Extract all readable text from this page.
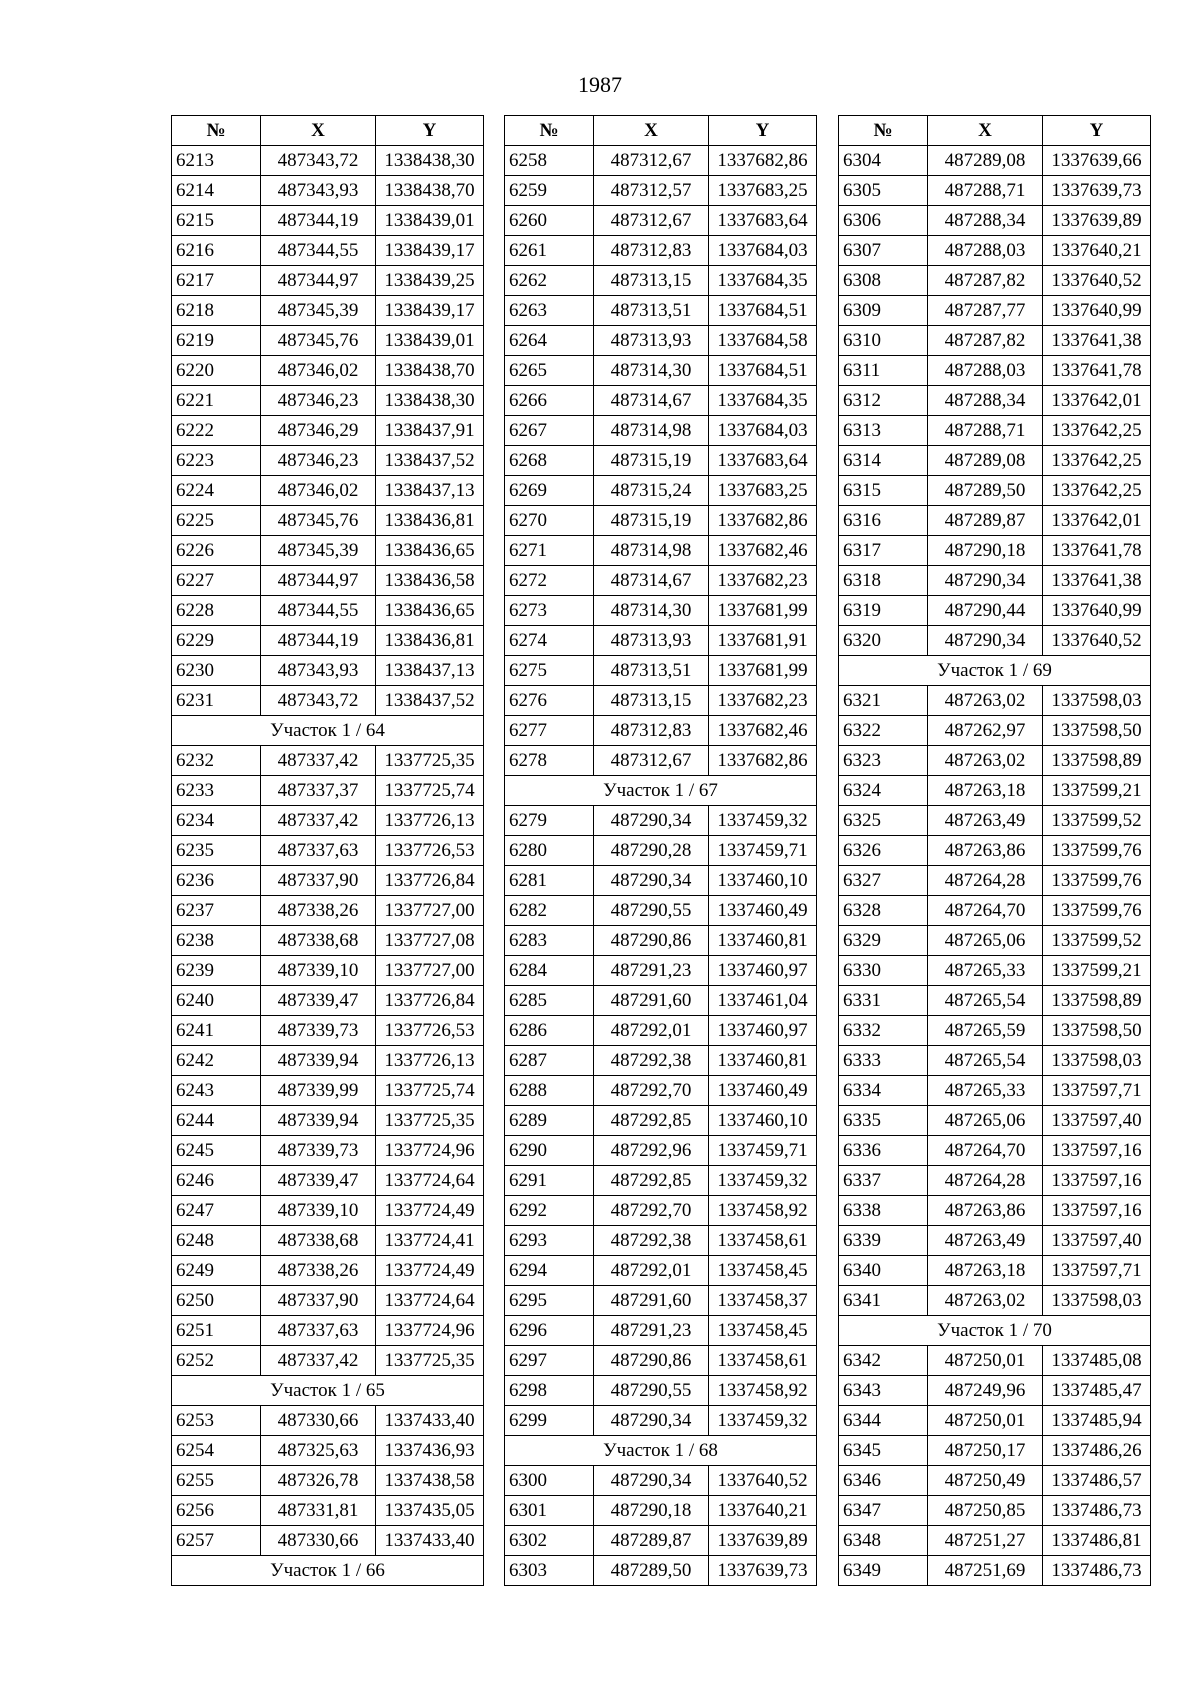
1987
№	X	Y
6213	487343,72	1338438,30
6214	487343,93	1338438,70
6215	487344,19	1338439,01
6216	487344,55	1338439,17
6217	487344,97	1338439,25
6218	487345,39	1338439,17
6219	487345,76	1338439,01
6220	487346,02	1338438,70
6221	487346,23	1338438,30
6222	487346,29	1338437,91
6223	487346,23	1338437,52
6224	487346,02	1338437,13
6225	487345,76	1338436,81
6226	487345,39	1338436,65
6227	487344,97	1338436,58
6228	487344,55	1338436,65
6229	487344,19	1338436,81
6230	487343,93	1338437,13
6231	487343,72	1338437,52
Участок 1 / 64		
6232	487337,42	1337725,35
6233	487337,37	1337725,74
6234	487337,42	1337726,13
6235	487337,63	1337726,53
6236	487337,90	1337726,84
6237	487338,26	1337727,00
6238	487338,68	1337727,08
6239	487339,10	1337727,00
6240	487339,47	1337726,84
6241	487339,73	1337726,53
6242	487339,94	1337726,13
6243	487339,99	1337725,74
6244	487339,94	1337725,35
6245	487339,73	1337724,96
6246	487339,47	1337724,64
6247	487339,10	1337724,49
6248	487338,68	1337724,41
6249	487338,26	1337724,49
6250	487337,90	1337724,64
6251	487337,63	1337724,96
6252	487337,42	1337725,35
Участок 1 / 65		
6253	487330,66	1337433,40
6254	487325,63	1337436,93
6255	487326,78	1337438,58
6256	487331,81	1337435,05
6257	487330,66	1337433,40
Участок 1 / 66		
№	X	Y
6258	487312,67	1337682,86
6259	487312,57	1337683,25
6260	487312,67	1337683,64
6261	487312,83	1337684,03
6262	487313,15	1337684,35
6263	487313,51	1337684,51
6264	487313,93	1337684,58
6265	487314,30	1337684,51
6266	487314,67	1337684,35
6267	487314,98	1337684,03
6268	487315,19	1337683,64
6269	487315,24	1337683,25
6270	487315,19	1337682,86
6271	487314,98	1337682,46
6272	487314,67	1337682,23
6273	487314,30	1337681,99
6274	487313,93	1337681,91
6275	487313,51	1337681,99
6276	487313,15	1337682,23
6277	487312,83	1337682,46
6278	487312,67	1337682,86
Участок 1 / 67		
6279	487290,34	1337459,32
6280	487290,28	1337459,71
6281	487290,34	1337460,10
6282	487290,55	1337460,49
6283	487290,86	1337460,81
6284	487291,23	1337460,97
6285	487291,60	1337461,04
6286	487292,01	1337460,97
6287	487292,38	1337460,81
6288	487292,70	1337460,49
6289	487292,85	1337460,10
6290	487292,96	1337459,71
6291	487292,85	1337459,32
6292	487292,70	1337458,92
6293	487292,38	1337458,61
6294	487292,01	1337458,45
6295	487291,60	1337458,37
6296	487291,23	1337458,45
6297	487290,86	1337458,61
6298	487290,55	1337458,92
6299	487290,34	1337459,32
Участок 1 / 68		
6300	487290,34	1337640,52
6301	487290,18	1337640,21
6302	487289,87	1337639,89
6303	487289,50	1337639,73
№	X	Y
6304	487289,08	1337639,66
6305	487288,71	1337639,73
6306	487288,34	1337639,89
6307	487288,03	1337640,21
6308	487287,82	1337640,52
6309	487287,77	1337640,99
6310	487287,82	1337641,38
6311	487288,03	1337641,78
6312	487288,34	1337642,01
6313	487288,71	1337642,25
6314	487289,08	1337642,25
6315	487289,50	1337642,25
6316	487289,87	1337642,01
6317	487290,18	1337641,78
6318	487290,34	1337641,38
6319	487290,44	1337640,99
6320	487290,34	1337640,52
Участок 1 / 69		
6321	487263,02	1337598,03
6322	487262,97	1337598,50
6323	487263,02	1337598,89
6324	487263,18	1337599,21
6325	487263,49	1337599,52
6326	487263,86	1337599,76
6327	487264,28	1337599,76
6328	487264,70	1337599,76
6329	487265,06	1337599,52
6330	487265,33	1337599,21
6331	487265,54	1337598,89
6332	487265,59	1337598,50
6333	487265,54	1337598,03
6334	487265,33	1337597,71
6335	487265,06	1337597,40
6336	487264,70	1337597,16
6337	487264,28	1337597,16
6338	487263,86	1337597,16
6339	487263,49	1337597,40
6340	487263,18	1337597,71
6341	487263,02	1337598,03
Участок 1 / 70		
6342	487250,01	1337485,08
6343	487249,96	1337485,47
6344	487250,01	1337485,94
6345	487250,17	1337486,26
6346	487250,49	1337486,57
6347	487250,85	1337486,73
6348	487251,27	1337486,81
6349	487251,69	1337486,73
